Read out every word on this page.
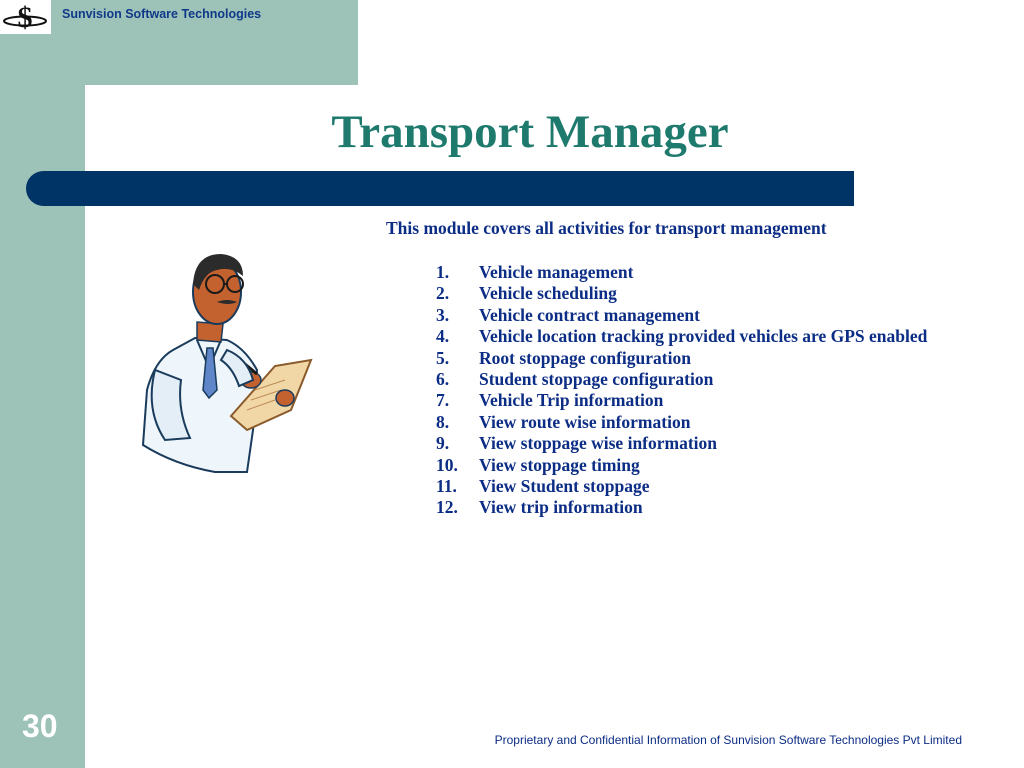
$ Sunvision Software Technologies
Transport Manager
This module covers all activities for transport management
1. Vehicle management
2. Vehicle scheduling
3. Vehicle contract management
4. Vehicle location tracking provided vehicles are GPS enabled
5. Root stoppage configuration
6. Student stoppage configuration
7. Vehicle Trip information
8. View route wise information
9. View stoppage wise information
10. View stoppage timing
11. View Student stoppage
12. View trip information
30	Proprietary and Confidential Information of Sunvision Software Technologies Pvt Limited
